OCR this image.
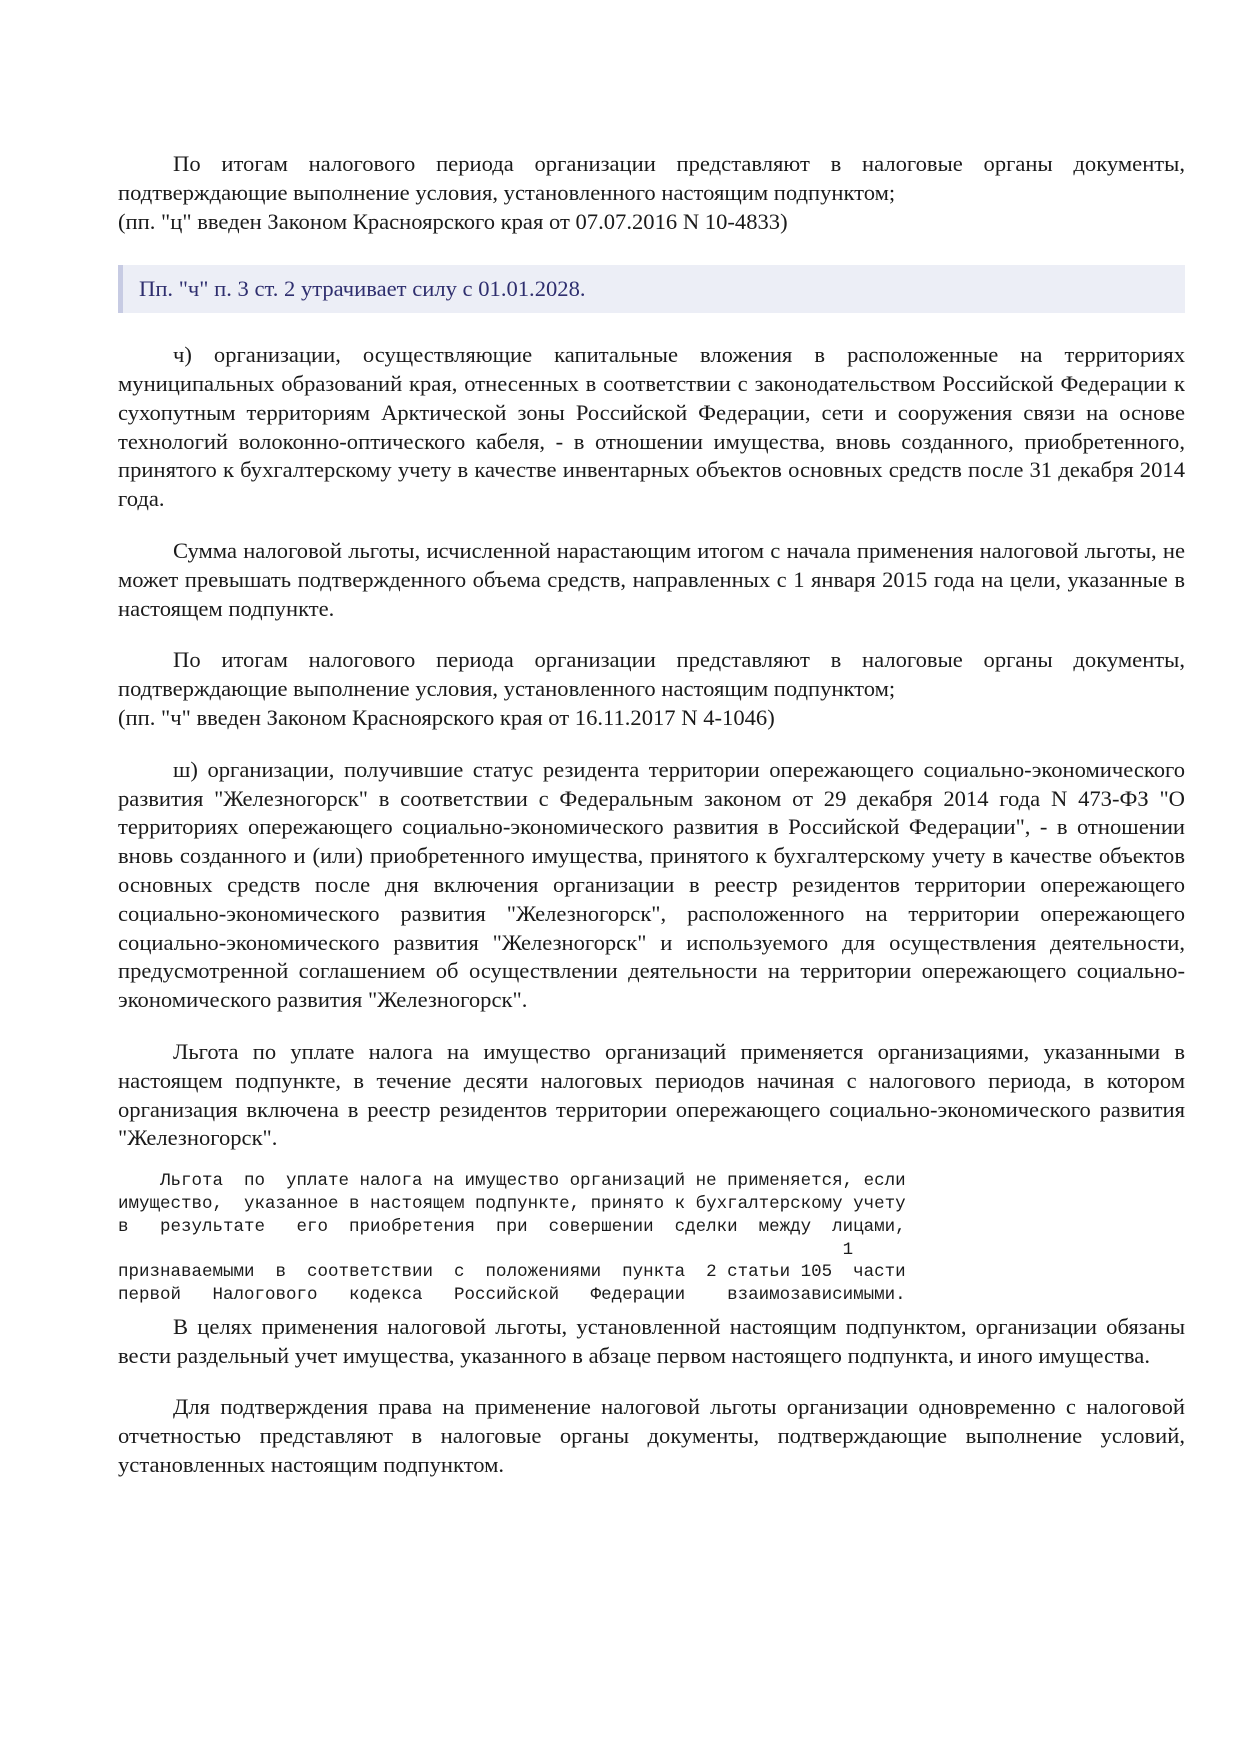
По итогам налогового периода организации представляют в налоговые органы документы, подтверждающие выполнение условия, установленного настоящим подпунктом;

(пп. "ц" введен Законом Красноярского края от 07.07.2016 N 10-4833)

Пп. "ч" п. 3 ст. 2 утрачивает силу с 01.01.2028.

ч) организации, осуществляющие капитальные вложения в расположенные на территориях муниципальных образований края, отнесенных в соответствии с законодательством Российской Федерации к сухопутным территориям Арктической зоны Российской Федерации, сети и сооружения связи на основе технологий волоконно-оптического кабеля, - в отношении имущества, вновь созданного, приобретенного, принятого к бухгалтерскому учету в качестве инвентарных объектов основных средств после 31 декабря 2014 года.

Сумма налоговой льготы, исчисленной нарастающим итогом с начала применения налоговой льготы, не может превышать подтвержденного объема средств, направленных с 1 января 2015 года на цели, указанные в настоящем подпункте.

По итогам налогового периода организации представляют в налоговые органы документы, подтверждающие выполнение условия, установленного настоящим подпунктом;

(пп. "ч" введен Законом Красноярского края от 16.11.2017 N 4-1046)

ш) организации, получившие статус резидента территории опережающего социально-экономического развития "Железногорск" в соответствии с Федеральным законом от 29 декабря 2014 года N 473-ФЗ "О территориях опережающего социально-экономического развития в Российской Федерации", - в отношении вновь созданного и (или) приобретенного имущества, принятого к бухгалтерскому учету в качестве объектов основных средств после дня включения организации в реестр резидентов территории опережающего социально-экономического развития "Железногорск", расположенного на территории опережающего социально-экономического развития "Железногорск" и используемого для осуществления деятельности, предусмотренной соглашением об осуществлении деятельности на территории опережающего социально-экономического развития "Железногорск".

Льгота по уплате налога на имущество организаций применяется организациями, указанными в настоящем подпункте, в течение десяти налоговых периодов начиная с налогового периода, в котором организация включена в реестр резидентов территории опережающего социально-экономического развития "Железногорск".

Льгота  по  уплате налога на имущество организаций не применяется, если
имущество,  указанное в настоящем подпункте, принято к бухгалтерскому учету
в   результате   его  приобретения  при  совершении  сделки  между  лицами,
1
признаваемыми  в  соответствии  с  положениями  пункта  2 статьи 105  части
первой   Налогового   кодекса   Российской   Федерации    взаимозависимыми.

В целях применения налоговой льготы, установленной настоящим подпунктом, организации обязаны вести раздельный учет имущества, указанного в абзаце первом настоящего подпункта, и иного имущества.

Для подтверждения права на применение налоговой льготы организации одновременно с налоговой отчетностью представляют в налоговые органы документы, подтверждающие выполнение условий, установленных настоящим подпунктом.
